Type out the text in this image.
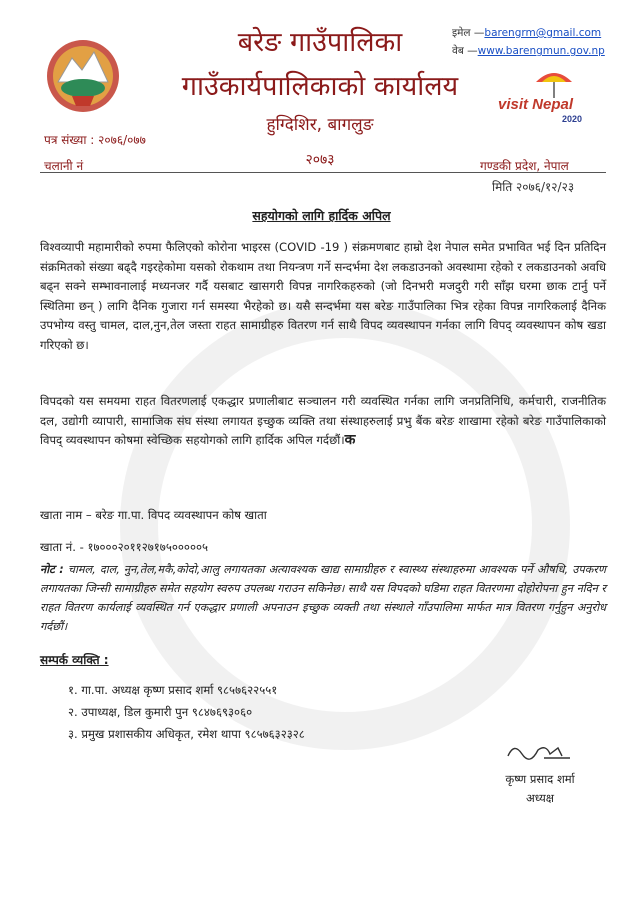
बरेङ गाउँपालिका
गाउँकार्यपालिकाको कार्यालय
हुग्दिशिर, बागलुङ
२०७३
इमेल —barengrm@gmail.com
वेब —www.barengmun.gov.np
visit Nepal
2020
पत्र संख्या : २०७६/०७७
चलानी नं	गण्डकी प्रदेश, नेपाल
मिति २०७६/१२/२३
सहयोगको लागि हार्दिक अपिल
विश्वव्यापी महामारीको रुपमा फैलिएको कोरोना भाइरस (COVID -19 ) संक्रमणबाट हाम्रो देश नेपाल समेत प्रभावित भई दिन प्रतिदिन संक्रमितको संख्या बढ्दै गइरहेकोमा यसको रोकथाम तथा नियन्त्रण गर्ने सन्दर्भमा देश लकडाउनको अवस्थामा रहेको र लकडाउनको अवधि बढ्न सक्ने सम्भावनालाई मध्यनजर गर्दै यसबाट खासगरी विपन्न नागरिकहरुको (जो दिनभरी मजदुरी गरी साँझ घरमा छाक टार्नु पर्ने स्थितिमा छन् ) लागि दैनिक गुजारा गर्न समस्या भैरहेको छ। यसै सन्दर्भमा यस बरेङ गाउँपालिका भित्र रहेका विपन्न नागरिकलाई दैनिक उपभोग्य वस्तु चामल, दाल,नुन,तेल जस्ता राहत सामाग्रीहरु वितरण गर्न साथै विपद व्यवस्थापन गर्नका लागि विपद् व्यवस्थापन कोष खडा गरिएको छ।
विपदको यस समयमा राहत वितरणलाई एकद्धार प्रणालीबाट सञ्चालन गरी व्यवस्थित गर्नका लागि जनप्रतिनिधि, कर्मचारी, राजनीतिक दल, उद्योगी व्यापारी, सामाजिक संघ संस्था लगायत इच्छुक व्यक्ति तथा संस्थाहरुलाई प्रभु बैंक बरेङ शाखामा रहेको बरेङ गाउँपालिकाको विपद् व्यवस्थापन कोषमा स्वेच्छिक सहयोगको लागि हार्दिक अपिल गर्दछौं।क
खाता नाम – बरेङ गा.पा. विपद व्यवस्थापन कोष खाता
खाता नं. - १७०००२०११२७१७५०००००५
नोट : चामल, दाल, नुन,तेल,मकै,कोदो,आलु लगायतका अत्यावश्यक खाद्य सामाग्रीहरु र स्वास्थ्य संस्थाहरुमा आवश्यक पर्ने औषधि, उपकरण लगायतका जिन्सी सामाग्रीहरु समेत सहयोग स्वरुप उपलब्ध गराउन सकिनेछ। साथै यस विपदको घडिमा राहत वितरणमा दोहोरोपना हुन नदिन र राहत वितरण कार्यलाई व्यवस्थित गर्न एकद्धार प्रणाली अपनाउन इच्छुक व्यक्ती तथा संस्थाले गाँउपालिमा मार्फत मात्र वितरण गर्नुहुन अनुरोध गर्दछौं।
सम्पर्क व्यक्ति :
१. गा.पा. अध्यक्ष कृष्ण प्रसाद शर्मा ९८५७६२२५५१
२. उपाध्यक्ष, डिल कुमारी पुन ९८४७६९३०६०
३. प्रमुख प्रशासकीय अधिकृत, रमेश थापा ९८५७६३२३२८
कृष्ण प्रसाद शर्मा
अध्यक्ष
